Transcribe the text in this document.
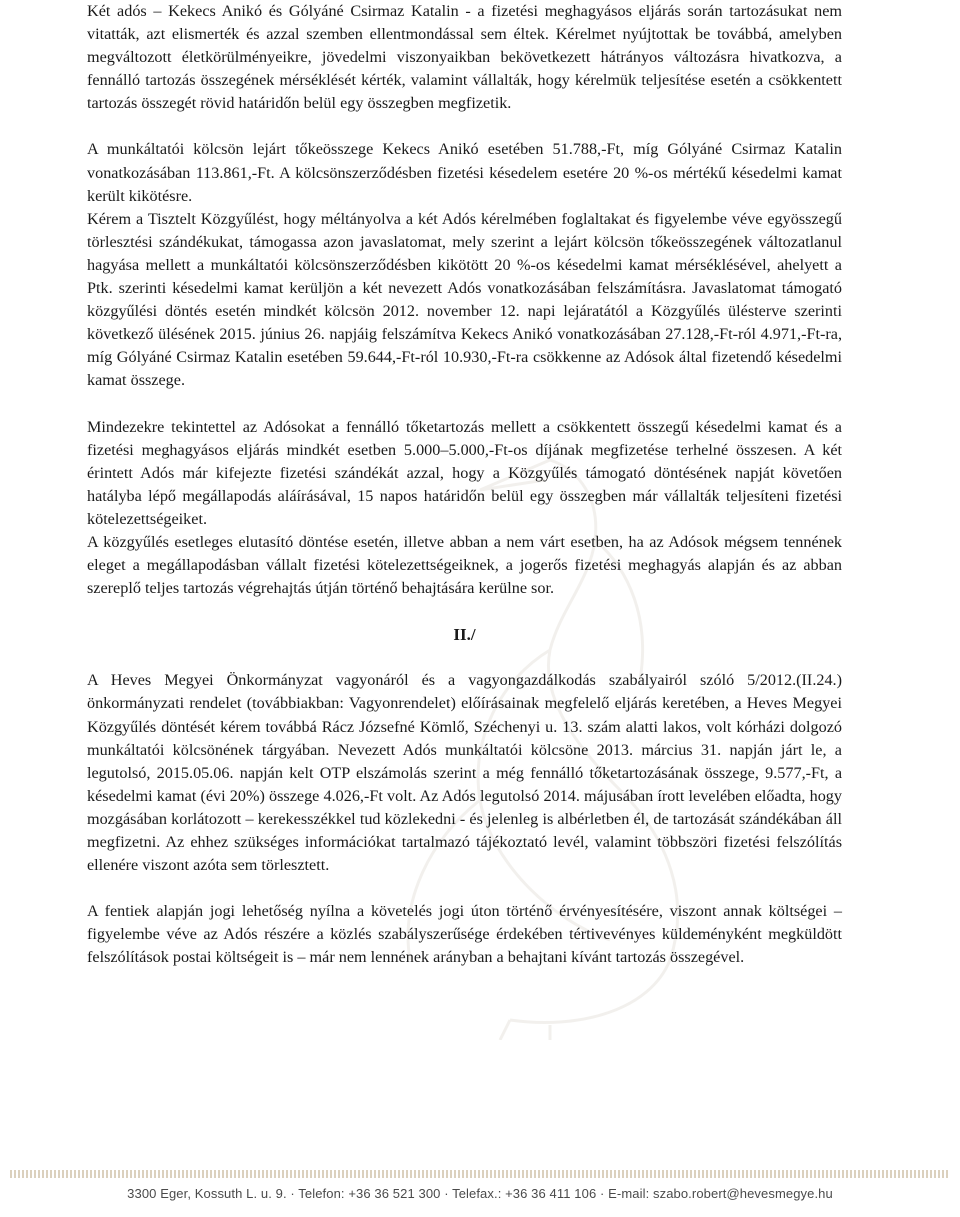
Két adós – Kekecs Anikó és Gólyáné Csirmaz Katalin - a fizetési meghagyásos eljárás során tartozásukat nem vitatták, azt elismerték és azzal szemben ellentmondással sem éltek. Kérelmet nyújtottak be továbbá, amelyben megváltozott életkörülményeikre, jövedelmi viszonyaikban bekövetkezett hátrányos változásra hivatkozva, a fennálló tartozás összegének mérséklését kérték, valamint vállalták, hogy kérelmük teljesítése esetén a csökkentett tartozás összegét rövid határidőn belül egy összegben megfizetik.

A munkáltatói kölcsön lejárt tőkeösszege Kekecs Anikó esetében 51.788,-Ft, míg Gólyáné Csirmaz Katalin vonatkozásában 113.861,-Ft. A kölcsönszerződésben fizetési késedelem esetére 20 %-os mértékű késedelmi kamat került kikötésre.

Kérem a Tisztelt Közgyűlést, hogy méltányolva a két Adós kérelmében foglaltakat és figyelembe véve egyösszegű törlesztési szándékukat, támogassa azon javaslatomat, mely szerint a lejárt kölcsön tőkeösszegének változatlanul hagyása mellett a munkáltatói kölcsönszerződésben kikötött 20 %-os késedelmi kamat mérséklésével, ahelyett a Ptk. szerinti késedelmi kamat kerüljön a két nevezett Adós vonatkozásában felszámításra. Javaslatomat támogató közgyűlési döntés esetén mindkét kölcsön 2012. november 12. napi lejáratától a Közgyűlés ülésterve szerinti következő ülésének 2015. június 26. napjáig felszámítva Kekecs Anikó vonatkozásában 27.128,-Ft-ról 4.971,-Ft-ra, míg Gólyáné Csirmaz Katalin esetében 59.644,-Ft-ról 10.930,-Ft-ra csökkenne az Adósok által fizetendő késedelmi kamat összege.

Mindezekre tekintettel az Adósokat a fennálló tőketartozás mellett a csökkentett összegű késedelmi kamat és a fizetési meghagyásos eljárás mindkét esetben 5.000–5.000,-Ft-os díjának megfizetése terhelné összesen. A két érintett Adós már kifejezte fizetési szándékát azzal, hogy a Közgyűlés támogató döntésének napját követően hatályba lépő megállapodás aláírásával, 15 napos határidőn belül egy összegben már vállalták teljesíteni fizetési kötelezettségeiket.

A közgyűlés esetleges elutasító döntése esetén, illetve abban a nem várt esetben, ha az Adósok mégsem tennének eleget a megállapodásban vállalt fizetési kötelezettségeiknek, a jogerős fizetési meghagyás alapján és az abban szereplő teljes tartozás végrehajtás útján történő behajtására kerülne sor.

II./

A Heves Megyei Önkormányzat vagyonáról és a vagyongazdálkodás szabályairól szóló 5/2012.(II.24.) önkormányzati rendelet (továbbiakban: Vagyonrendelet) előírásainak megfelelő eljárás keretében, a Heves Megyei Közgyűlés döntését kérem továbbá Rácz Józsefné Kömlő, Széchenyi u. 13. szám alatti lakos, volt kórházi dolgozó munkáltatói kölcsönének tárgyában. Nevezett Adós munkáltatói kölcsöne 2013. március 31. napján járt le, a legutolsó, 2015.05.06. napján kelt OTP elszámolás szerint a még fennálló tőketartozásának összege, 9.577,-Ft, a késedelmi kamat (évi 20%) összege 4.026,-Ft volt. Az Adós legutolsó 2014. májusában írott levelében előadta, hogy mozgásában korlátozott – kerekesszékkel tud közlekedni - és jelenleg is albérletben él, de tartozását szándékában áll megfizetni. Az ehhez szükséges információkat tartalmazó tájékoztató levél, valamint többszöri fizetési felszólítás ellenére viszont azóta sem törlesztett.

A fentiek alapján jogi lehetőség nyílna a követelés jogi úton történő érvényesítésére, viszont annak költségei – figyelembe véve az Adós részére a közlés szabályszerűsége érdekében tértivevényes küldeményként megküldött felszólítások postai költségeit is – már nem lennének arányban a behajtani kívánt tartozás összegével.

3300 Eger, Kossuth L. u. 9. · Telefon: +36 36 521 300 · Telefax.: +36 36 411 106 · E-mail: szabo.robert@hevesmegye.hu
